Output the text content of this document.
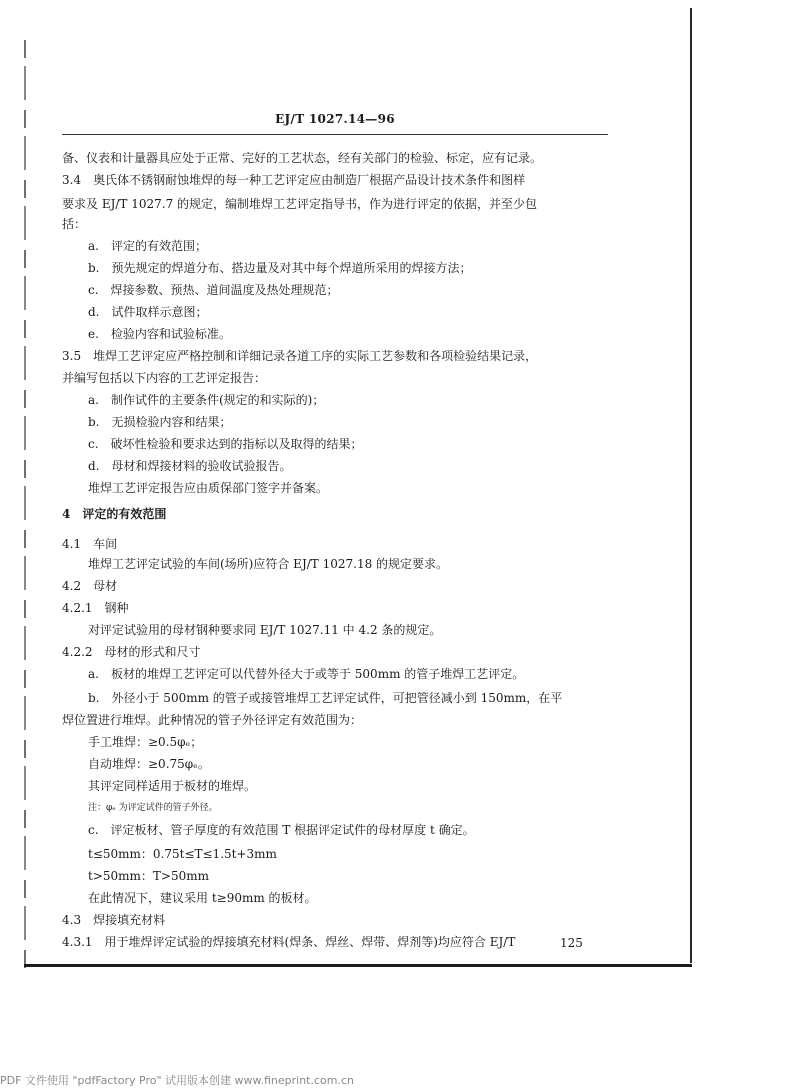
EJ/T 1027.14—96
备、仪表和计量器具应处于正常、完好的工艺状态，经有关部门的检验、标定，应有记录。
3.4　奥氏体不锈钢耐蚀堆焊的每一种工艺评定应由制造厂根据产品设计技术条件和图样
要求及 EJ/T 1027.7 的规定，编制堆焊工艺评定指导书，作为进行评定的依据，并至少包
括：
a.　评定的有效范围；
b.　预先规定的焊道分布、搭边量及对其中每个焊道所采用的焊接方法；
c.　焊接参数、预热、道间温度及热处理规范；
d.　试件取样示意图；
e.　检验内容和试验标准。
3.5　堆焊工艺评定应严格控制和详细记录各道工序的实际工艺参数和各项检验结果记录，
并编写包括以下内容的工艺评定报告：
a.　制作试件的主要条件(规定的和实际的)；
b.　无损检验内容和结果；
c.　破坏性检验和要求达到的指标以及取得的结果；
d.　母材和焊接材料的验收试验报告。
堆焊工艺评定报告应由质保部门签字并备案。
4　评定的有效范围
4.1　车间
堆焊工艺评定试验的车间(场所)应符合 EJ/T 1027.18 的规定要求。
4.2　母材
4.2.1　钢种
对评定试验用的母材钢种要求同 EJ/T 1027.11 中 4.2 条的规定。
4.2.2　母材的形式和尺寸
a.　板材的堆焊工艺评定可以代替外径大于或等于 500mm 的管子堆焊工艺评定。
b.　外径小于 500mm 的管子或接管堆焊工艺评定试件，可把管径减小到 150mm，在平
焊位置进行堆焊。此种情况的管子外径评定有效范围为：
手工堆焊：≥0.5φₑ；
自动堆焊：≥0.75φₑ。
其评定同样适用于板材的堆焊。
注：φₑ 为评定试件的管子外径。
c.　评定板材、管子厚度的有效范围 T 根据评定试件的母材厚度 t 确定。
t≤50mm：0.75t≤T≤1.5t+3mm
t>50mm：T>50mm
在此情况下，建议采用 t≥90mm 的板材。
4.3　焊接填充材料
4.3.1　用于堆焊评定试验的焊接填充材料(焊条、焊丝、焊带、焊剂等)均应符合 EJ/T	125
PDF 文件使用 "pdfFactory Pro" 试用版本创建 www.fineprint.com.cn
